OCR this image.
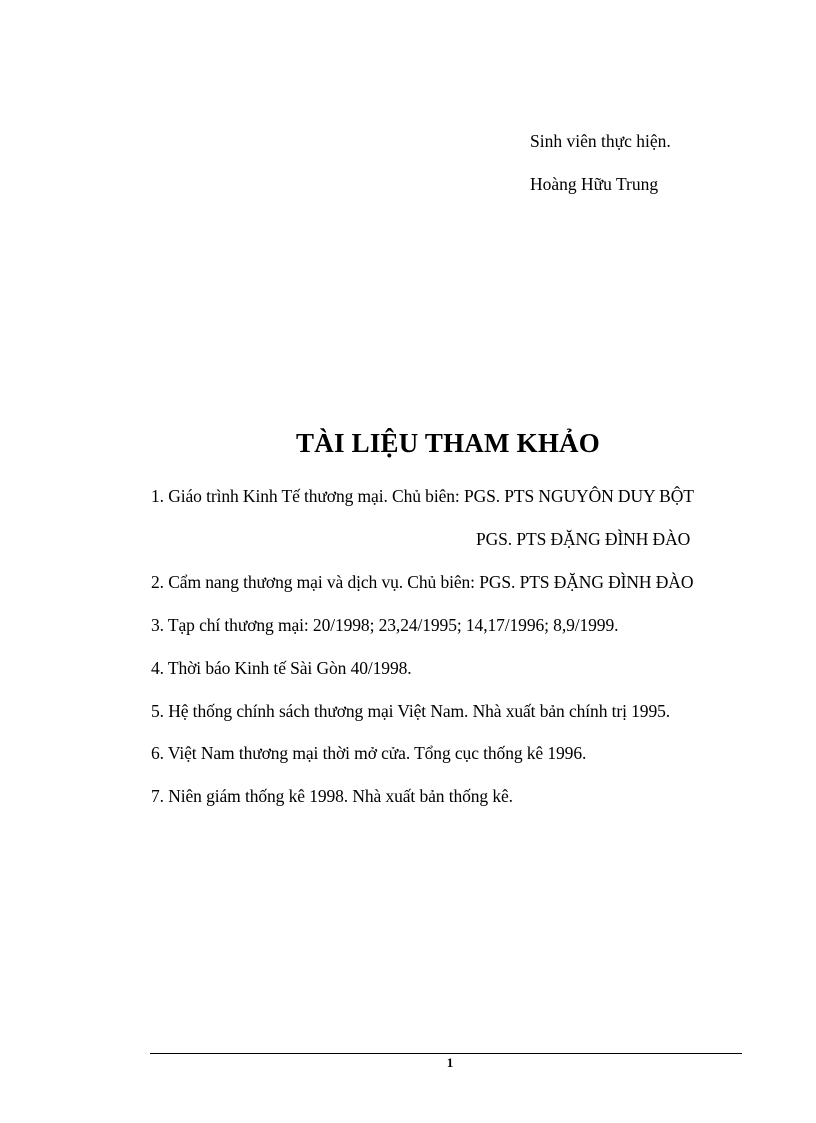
Sinh viên thực hiện.
Hoàng Hữu Trung
TÀI LIỆU THAM KHẢO
1. Giáo trình Kinh Tế thương mại. Chủ biên: PGS. PTS NGUYÔN DUY BỘT
PGS. PTS ĐẶNG ĐÌNH ĐÀO
2. Cẩm nang thương mại và dịch vụ. Chủ biên: PGS. PTS ĐẶNG ĐÌNH ĐÀO
3. Tạp chí thương mại: 20/1998; 23,24/1995; 14,17/1996; 8,9/1999.
4. Thời báo Kinh tế Sài Gòn 40/1998.
5. Hệ thống chính sách thương mại Việt Nam. Nhà xuất bản chính trị 1995.
6. Việt Nam thương mại thời mở cửa. Tổng cục thống kê 1996.
7. Niên giám thống kê 1998. Nhà xuất bản thống kê.
1
